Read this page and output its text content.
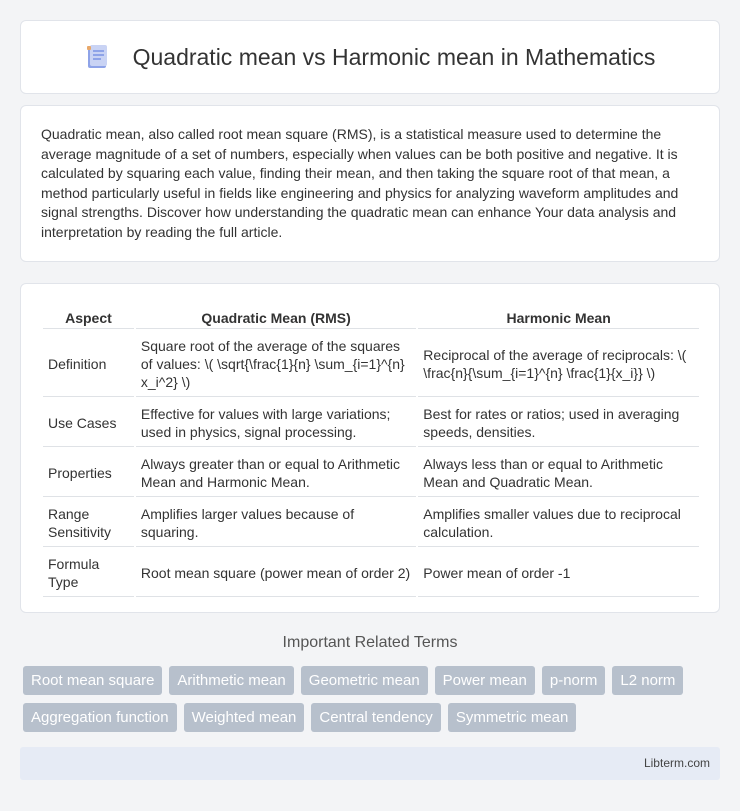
Quadratic mean vs Harmonic mean in Mathematics

Quadratic mean, also called root mean square (RMS), is a statistical measure used to determine the average magnitude of a set of numbers, especially when values can be both positive and negative. It is calculated by squaring each value, finding their mean, and then taking the square root of that mean, a method particularly useful in fields like engineering and physics for analyzing waveform amplitudes and signal strengths. Discover how understanding the quadratic mean can enhance Your data analysis and interpretation by reading the full article.

Aspect	Quadratic Mean (RMS)	Harmonic Mean
Definition	Square root of the average of the squares of values: \( \sqrt{\frac{1}{n} \sum_{i=1}^{n} x_i^2} \)	Reciprocal of the average of reciprocals: \( \frac{n}{\sum_{i=1}^{n} \frac{1}{x_i}} \)
Use Cases	Effective for values with large variations; used in physics, signal processing.	Best for rates or ratios; used in averaging speeds, densities.
Properties	Always greater than or equal to Arithmetic Mean and Harmonic Mean.	Always less than or equal to Arithmetic Mean and Quadratic Mean.
Range Sensitivity	Amplifies larger values because of squaring.	Amplifies smaller values due to reciprocal calculation.
Formula Type	Root mean square (power mean of order 2)	Power mean of order -1
Important Related Terms
Root mean square	Arithmetic mean	Geometric mean	Power mean	p-norm	L2 norm
Aggregation function	Weighted mean	Central tendency	Symmetric mean
Libterm.com
